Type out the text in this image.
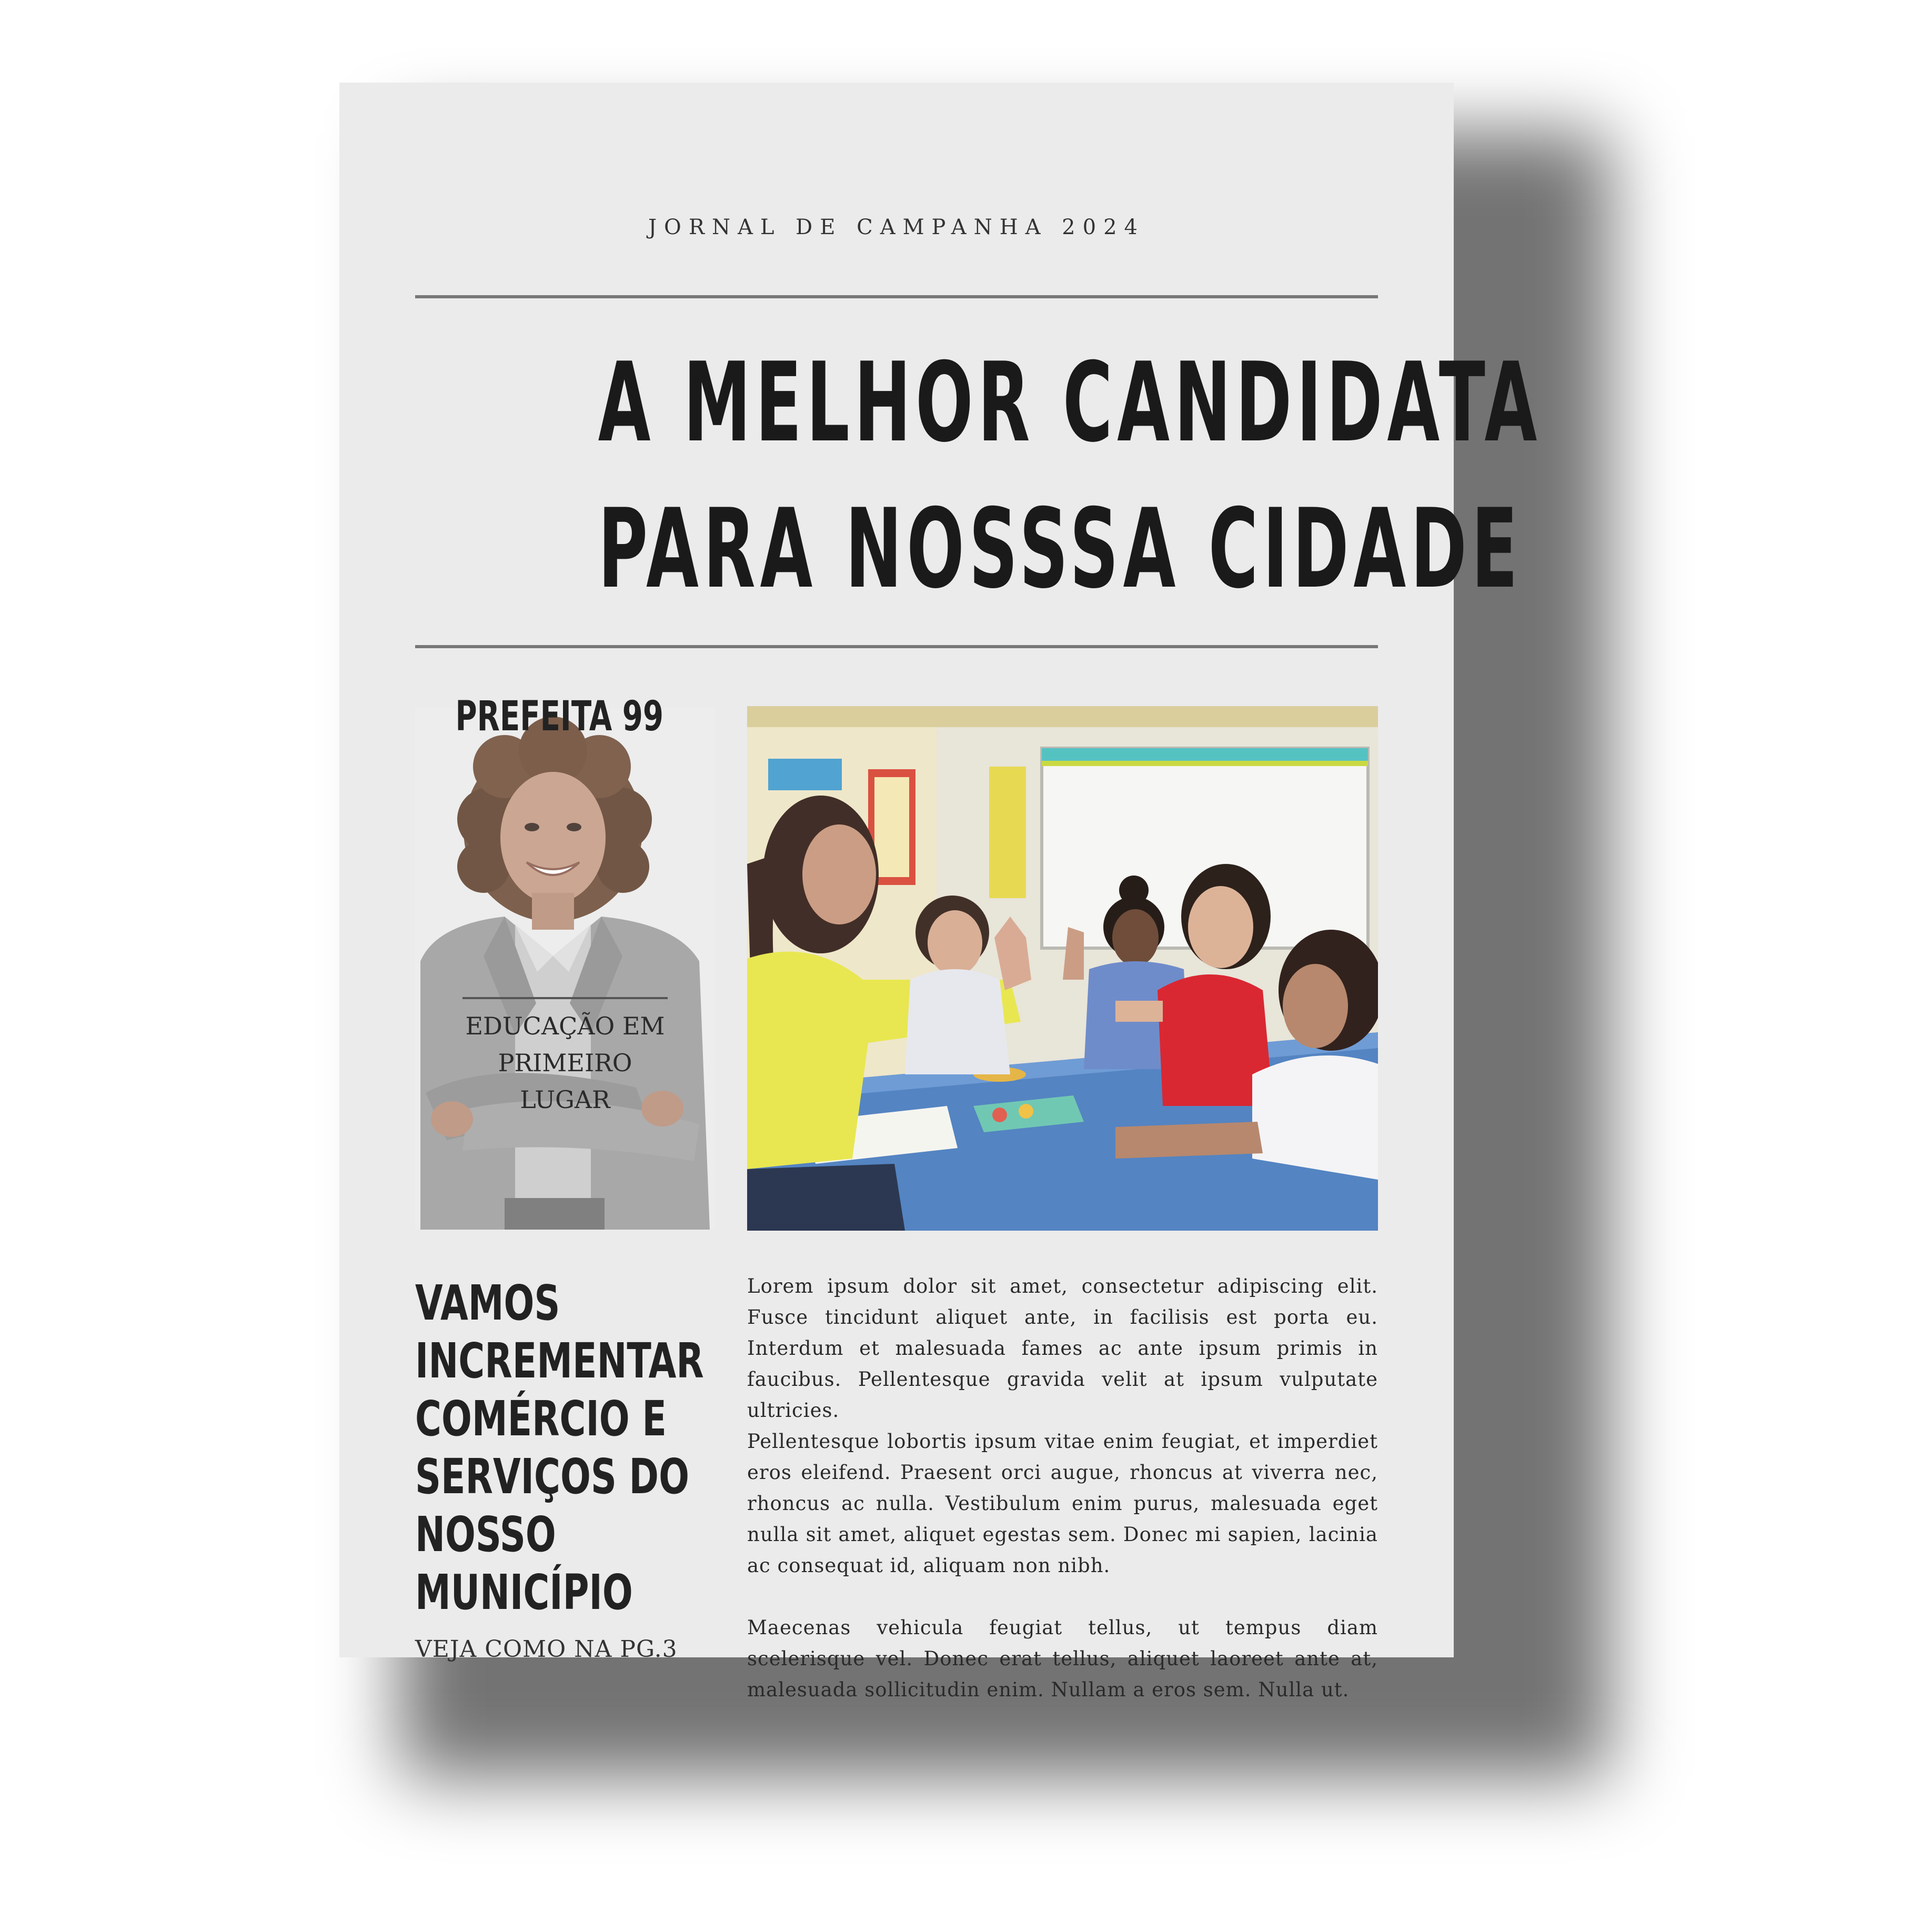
JORNAL DE CAMPANHA 2024
A MELHOR CANDIDATA
PARA NOSSSA CIDADE
PREFEITA 99
EDUCAÇÃO EM
PRIMEIRO LUGAR
VAMOS
INCREMENTAR
COMÉRCIO E
SERVIÇOS DO
NOSSO
MUNICÍPIO
VEJA COMO NA PG.3

Lorem ipsum dolor sit amet, consectetur adipiscing elit. Fusce tincidunt aliquet ante, in facilisis est porta eu. Interdum et malesuada fames ac ante ipsum primis in faucibus. Pellentesque gravida velit at ipsum vulputate ultricies.

Pellentesque lobortis ipsum vitae enim feugiat, et imperdiet eros eleifend. Praesent orci augue, rhoncus at viverra nec, rhoncus ac nulla. Vestibulum enim purus, malesuada eget nulla sit amet, aliquet egestas sem. Donec mi sapien, lacinia ac consequat id, aliquam non nibh.

Maecenas vehicula feugiat tellus, ut tempus diam scelerisque vel. Donec erat tellus, aliquet laoreet ante at, malesuada sollicitudin enim. Nullam a eros sem. Nulla ut.
